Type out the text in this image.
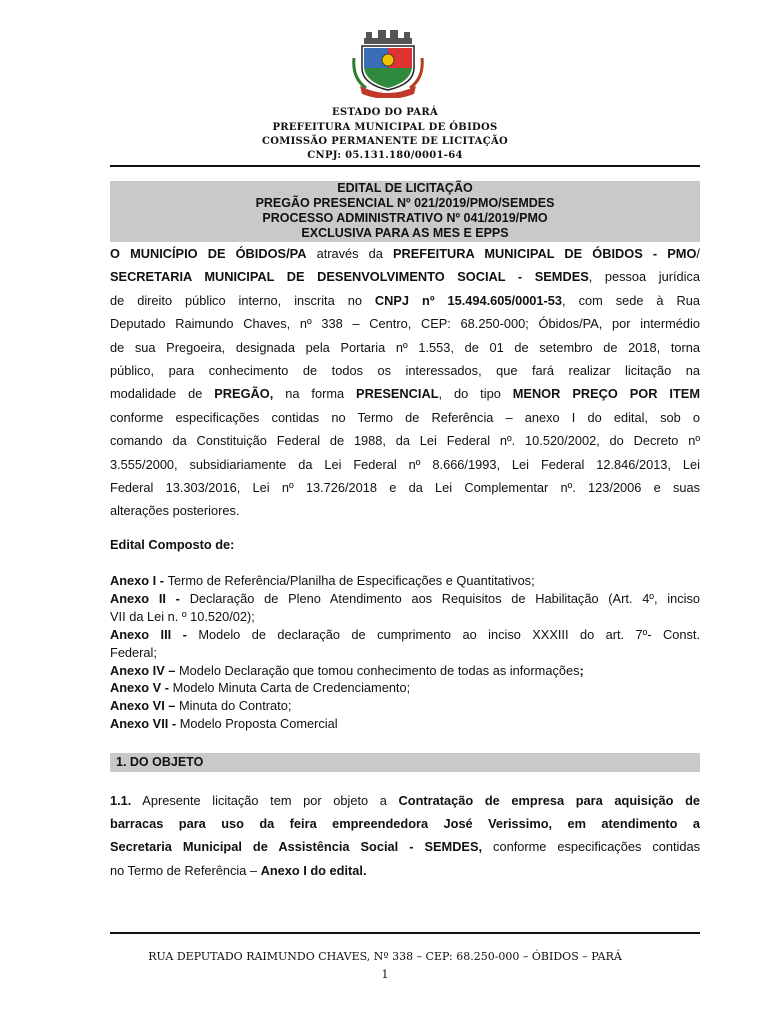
ESTADO DO PARÁ
PREFEITURA MUNICIPAL DE ÓBIDOS
COMISSÃO PERMANENTE DE LICITAÇÃO
CNPJ: 05.131.180/0001-64
EDITAL DE LICITAÇÃO
PREGÃO PRESENCIAL Nº 021/2019/PMO/SEMDES
PROCESSO ADMINISTRATIVO Nº 041/2019/PMO
EXCLUSIVA PARA AS MES E EPPS
O MUNICÍPIO DE ÓBIDOS/PA através da PREFEITURA MUNICIPAL DE ÓBIDOS - PMO/
SECRETARIA MUNICIPAL DE DESENVOLVIMENTO SOCIAL - SEMDES, pessoa jurídica
de direito público interno, inscrita no CNPJ nº 15.494.605/0001-53, com sede à Rua
Deputado Raimundo Chaves, nº 338 – Centro, CEP: 68.250-000; Óbidos/PA, por intermédio
de sua Pregoeira, designada pela Portaria nº 1.553, de 01 de setembro de 2018, torna
público, para conhecimento de todos os interessados, que fará realizar licitação na
modalidade de PREGÃO, na forma PRESENCIAL, do tipo MENOR PREÇO POR ITEM
conforme especificações contidas no Termo de Referência – anexo I do edital, sob o
comando da Constituição Federal de 1988, da Lei Federal nº. 10.520/2002, do Decreto nº
3.555/2000, subsidiariamente da Lei Federal nº 8.666/1993, Lei Federal 12.846/2013, Lei
Federal 13.303/2016, Lei nº 13.726/2018 e da Lei Complementar nº. 123/2006 e suas
alterações posteriores.
Edital Composto de:
Anexo I - Termo de Referência/Planilha de Especificações e Quantitativos;
Anexo II - Declaração de Pleno Atendimento aos Requisitos de Habilitação (Art. 4º, inciso
VII da Lei n. º 10.520/02);
Anexo III - Modelo de declaração de cumprimento ao inciso XXXIII do art. 7º- Const.
Federal;
Anexo IV – Modelo Declaração que tomou conhecimento de todas as informações;
Anexo V - Modelo Minuta Carta de Credenciamento;
Anexo VI – Minuta do Contrato;
Anexo VII - Modelo Proposta Comercial
1. DO OBJETO
1.1. Apresente licitação tem por objeto a Contratação de empresa para aquisição de
barracas para uso da feira empreendedora José Verissimo, em atendimento a
Secretaria Municipal de Assistência Social - SEMDES, conforme especificações contidas
no Termo de Referência – Anexo I do edital.
RUA DEPUTADO RAIMUNDO CHAVES, Nº 338 – CEP: 68.250-000 – ÓBIDOS – PARÁ
1
